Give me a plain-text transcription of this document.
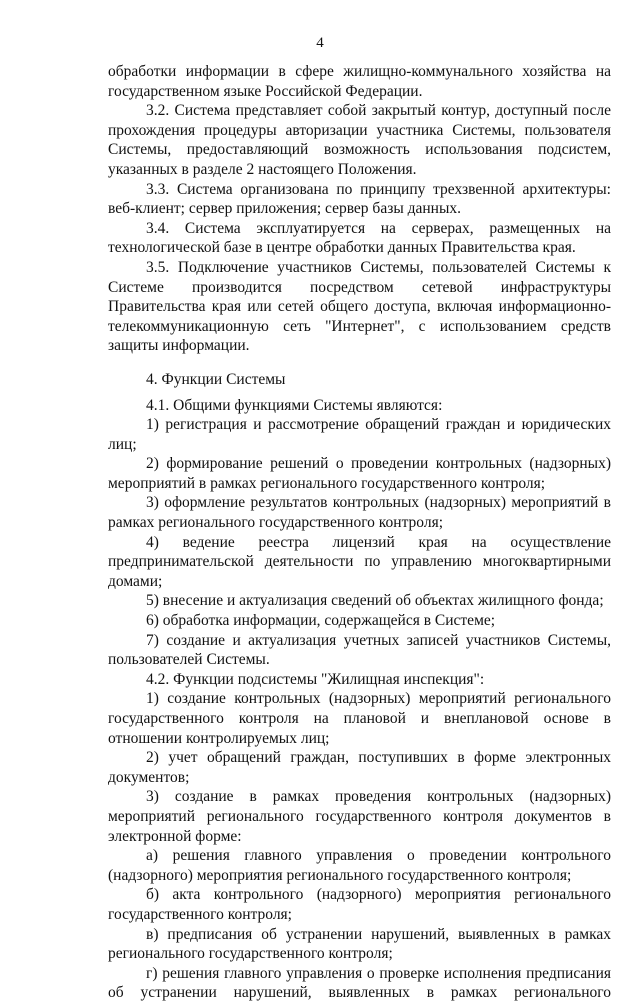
4

обработки информации в сфере жилищно-коммунального хозяйства на государственном языке Российской Федерации.

3.2. Система представляет собой закрытый контур, доступный после прохождения процедуры авторизации участника Системы, пользователя Системы, предоставляющий возможность использования подсистем, указанных в разделе 2 настоящего Положения.

3.3. Система организована по принципу трехзвенной архитектуры: веб-клиент; сервер приложения; сервер базы данных.

3.4. Система эксплуатируется на серверах, размещенных на технологической базе в центре обработки данных Правительства края.

3.5. Подключение участников Системы, пользователей Системы к Системе производится посредством сетевой инфраструктуры Правительства края или сетей общего доступа, включая информационно-телекоммуникационную сеть "Интернет", с использованием средств защиты информации.

4. Функции Системы

4.1. Общими функциями Системы являются:

1) регистрация и рассмотрение обращений граждан и юридических лиц;

2) формирование решений о проведении контрольных (надзорных) мероприятий в рамках регионального государственного контроля;

3) оформление результатов контрольных (надзорных) мероприятий в рамках регионального государственного контроля;

4) ведение реестра лицензий края на осуществление предпринимательской деятельности по управлению многоквартирными домами;

5) внесение и актуализация сведений об объектах жилищного фонда;

6) обработка информации, содержащейся в Системе;

7) создание и актуализация учетных записей участников Системы, пользователей Системы.

4.2. Функции подсистемы "Жилищная инспекция":

1) создание контрольных (надзорных) мероприятий регионального государственного контроля на плановой и внеплановой основе в отношении контролируемых лиц;

2) учет обращений граждан, поступивших в форме электронных документов;

3) создание в рамках проведения контрольных (надзорных) мероприятий регионального государственного контроля документов в электронной форме:

а) решения главного управления о проведении контрольного (надзорного) мероприятия регионального государственного контроля;

б) акта контрольного (надзорного) мероприятия регионального государственного контроля;

в) предписания об устранении нарушений, выявленных в рамках регионального государственного контроля;

г) решения главного управления о проверке исполнения предписания об устранении нарушений, выявленных в рамках регионального
